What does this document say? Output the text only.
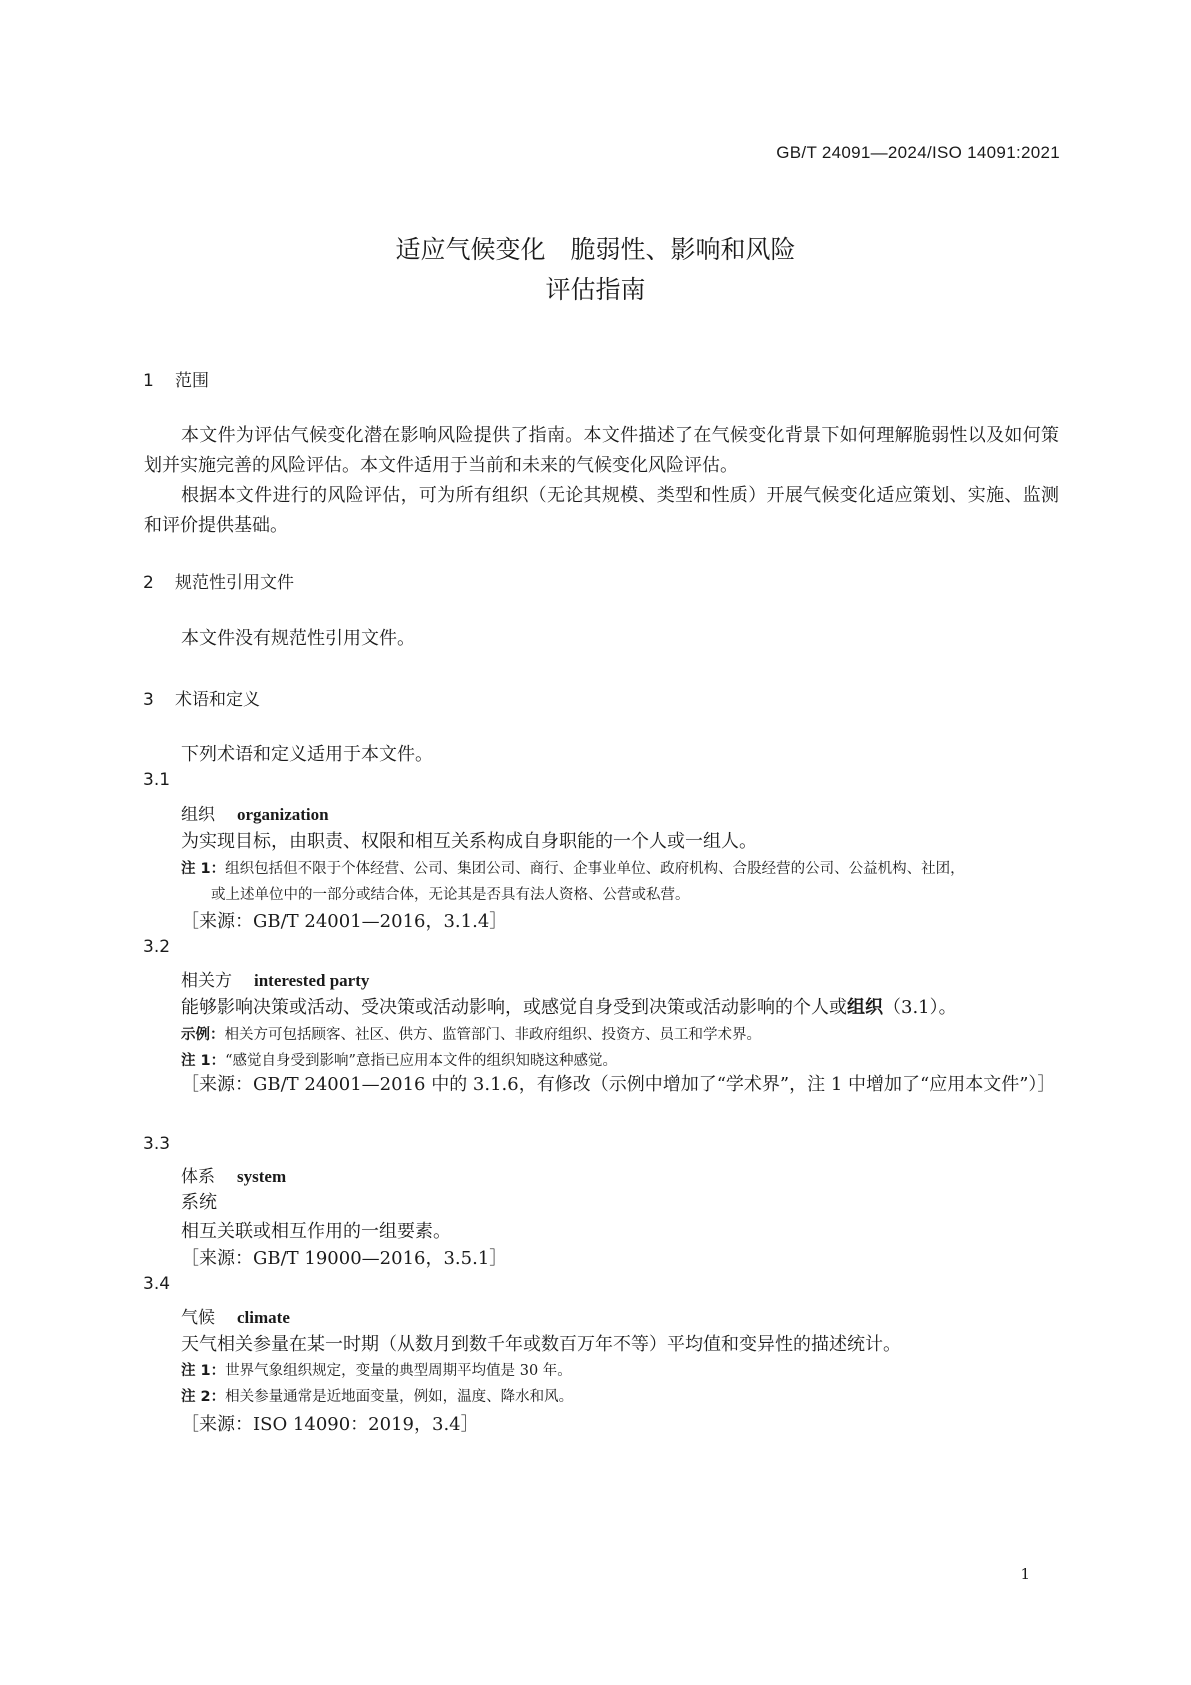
GB/T 24091—2024/ISO 14091:2021
适应气候变化　脆弱性、影响和风险
评估指南
1 范围
本文件为评估气候变化潜在影响风险提供了指南。本文件描述了在气候变化背景下如何理解脆弱性以及如何策划并实施完善的风险评估。本文件适用于当前和未来的气候变化风险评估。
根据本文件进行的风险评估，可为所有组织（无论其规模、类型和性质）开展气候变化适应策划、实施、监测和评价提供基础。
2 规范性引用文件
本文件没有规范性引用文件。
3 术语和定义
下列术语和定义适用于本文件。
3.1
组织 organization
为实现目标，由职责、权限和相互关系构成自身职能的一个人或一组人。
注 1：组织包括但不限于个体经营、公司、集团公司、商行、企事业单位、政府机构、合股经营的公司、公益机构、社团，
或上述单位中的一部分或结合体，无论其是否具有法人资格、公营或私营。
［来源：GB/T 24001—2016，3.1.4］
3.2
相关方 interested party
能够影响决策或活动、受决策或活动影响，或感觉自身受到决策或活动影响的个人或组织（3.1）。
示例：相关方可包括顾客、社区、供方、监管部门、非政府组织、投资方、员工和学术界。
注 1：“感觉自身受到影响”意指已应用本文件的组织知晓这种感觉。
［来源：GB/T 24001—2016 中的 3.1.6，有修改（示例中增加了“学术界”，注 1 中增加了“应用本文件”）］
3.3
体系 system
系统
相互关联或相互作用的一组要素。
［来源：GB/T 19000—2016，3.5.1］
3.4
气候 climate
天气相关参量在某一时期（从数月到数千年或数百万年不等）平均值和变异性的描述统计。
注 1：世界气象组织规定，变量的典型周期平均值是 30 年。
注 2：相关参量通常是近地面变量，例如，温度、降水和风。
［来源：ISO 14090：2019，3.4］
1
